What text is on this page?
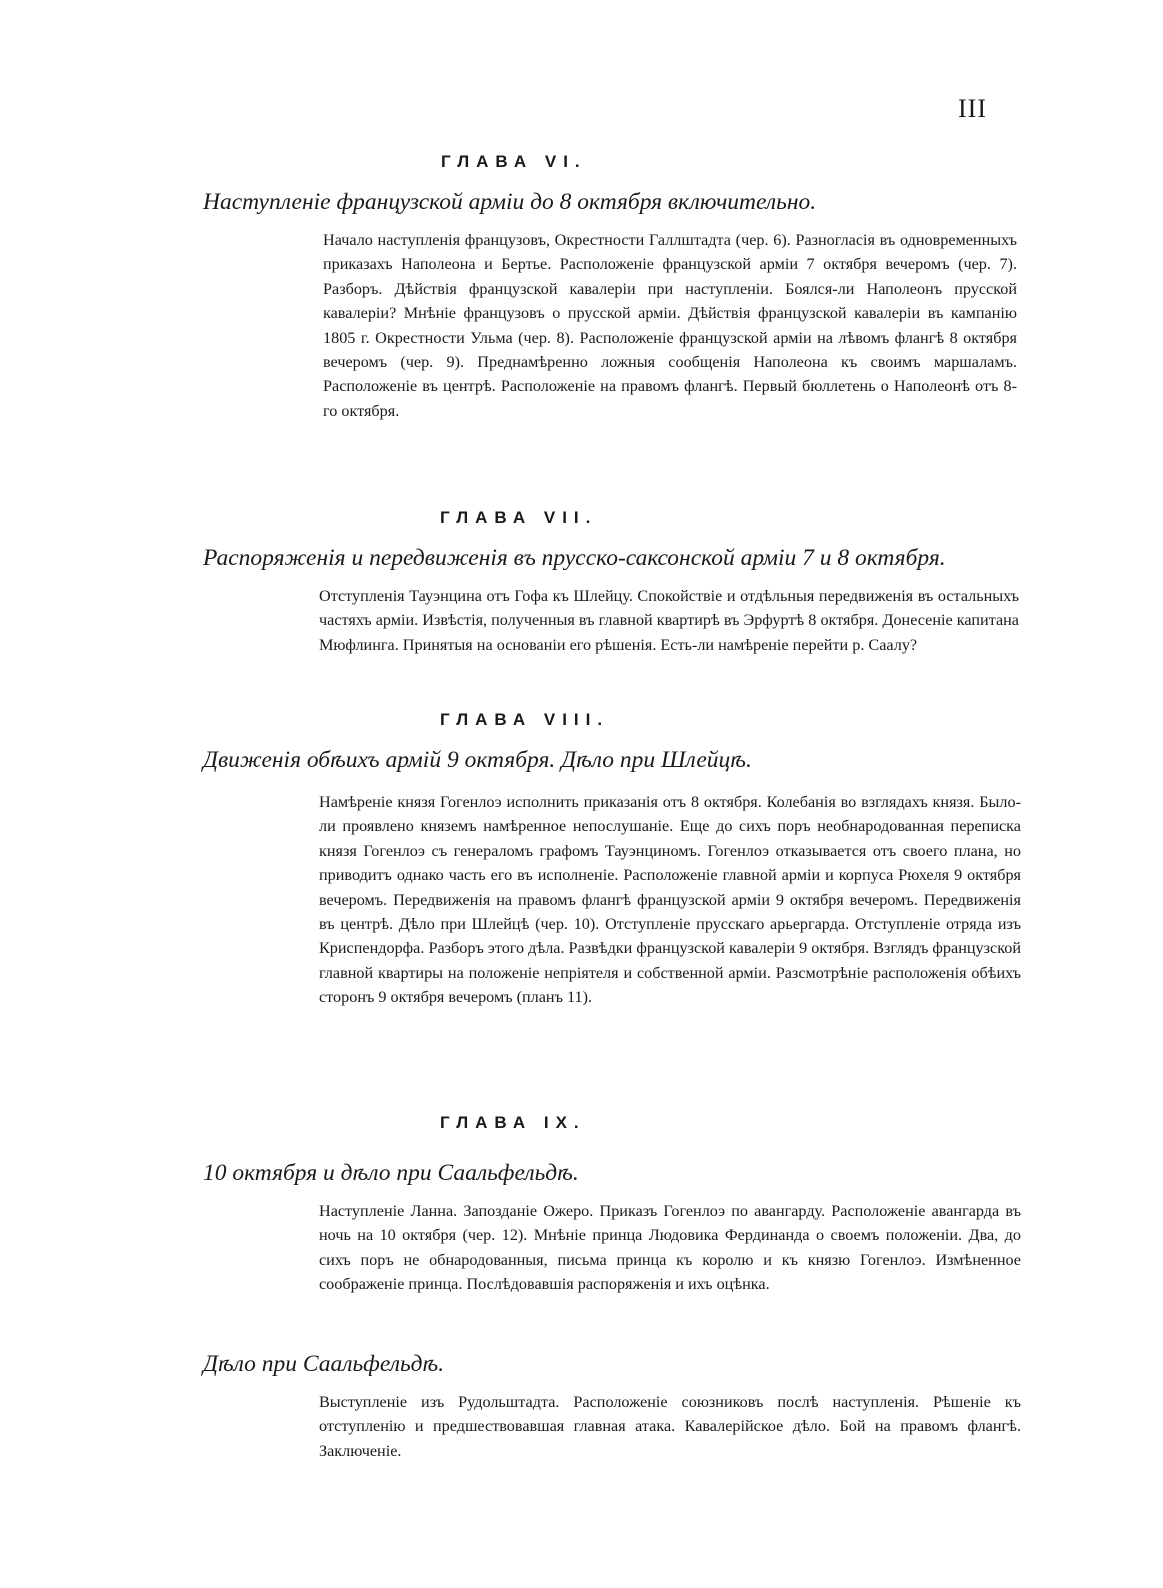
III
ГЛАВА VI.
Наступленіе французской арміи до 8 октября включительно.
Начало наступленія французовъ, Окрестности Галлштадта (чер. 6). Разногласія въ одновременныхъ приказахъ Наполеона и Бертье. Расположеніе французской арміи 7 октября вечеромъ (чер. 7). Разборъ. Дѣйствія французской кавалеріи при наступленіи. Боялся-ли Наполеонъ прусской кавалеріи? Мнѣніе французовъ о прусской арміи. Дѣйствія французской кавалеріи въ кампанію 1805 г. Окрестности Ульма (чер. 8). Расположеніе французской арміи на лѣвомъ флангѣ 8 октября вечеромъ (чер. 9). Преднамѣренно ложныя сообщенія Наполеона къ своимъ маршаламъ. Расположеніе въ центрѣ. Расположеніе на правомъ флангѣ. Первый бюллетень о Наполеонѣ отъ 8-го октября.
ГЛАВА VII.
Распоряженія и передвиженія въ прусско-саксонской арміи 7 и 8 октября.
Отступленія Тауэнцина отъ Гофа къ Шлейцу. Спокойствіе и отдѣльныя передвиженія въ остальныхъ частяхъ арміи. Извѣстія, полученныя въ главной квартирѣ въ Эрфуртѣ 8 октября. Донесеніе капитана Мюфлинга. Принятыя на основаніи его рѣшенія. Есть-ли намѣреніе перейти р. Саалу?
ГЛАВА VIII.
Движенія обѣихъ армій 9 октября. Дѣло при Шлейцѣ.
Намѣреніе князя Гогенлоэ исполнить приказанія отъ 8 октября. Колебанія во взглядахъ князя. Было-ли проявлено княземъ намѣренное непослушаніе. Еще до сихъ поръ необнародованная переписка князя Гогенлоэ съ генераломъ графомъ Тауэнциномъ. Гогенлоэ отказывается отъ своего плана, но приводитъ однако часть его въ исполненіе. Расположеніе главной арміи и корпуса Рюхеля 9 октября вечеромъ. Передвиженія на правомъ флангѣ французской арміи 9 октября вечеромъ. Передвиженія въ центрѣ. Дѣло при Шлейцѣ (чер. 10). Отступленіе прусскаго арьергарда. Отступленіе отряда изъ Криспендорфа. Разборъ этого дѣла. Развѣдки французской кавалеріи 9 октября. Взглядъ французской главной квартиры на положеніе непріятеля и собственной арміи. Разсмотрѣніе расположенія обѣихъ сторонъ 9 октября вечеромъ (планъ 11).
ГЛАВА IX.
10 октября и дѣло при Саальфельдѣ.
Наступленіе Ланна. Запозданіе Ожеро. Приказъ Гогенлоэ по авангарду. Расположеніе авангарда въ ночь на 10 октября (чер. 12). Мнѣніе принца Людовика Фердинанда о своемъ положеніи. Два, до сихъ поръ не обнародованныя, письма принца къ королю и къ князю Гогенлоэ. Измѣненное соображеніе принца. Послѣдовавшія распоряженія и ихъ оцѣнка.
Дѣло при Саальфельдѣ.
Выступленіе изъ Рудольштадта. Расположеніе союзниковъ послѣ наступленія. Рѣшеніе къ отступленію и предшествовавшая главная атака. Кавалерійское дѣло. Бой на правомъ флангѣ. Заключеніе.
